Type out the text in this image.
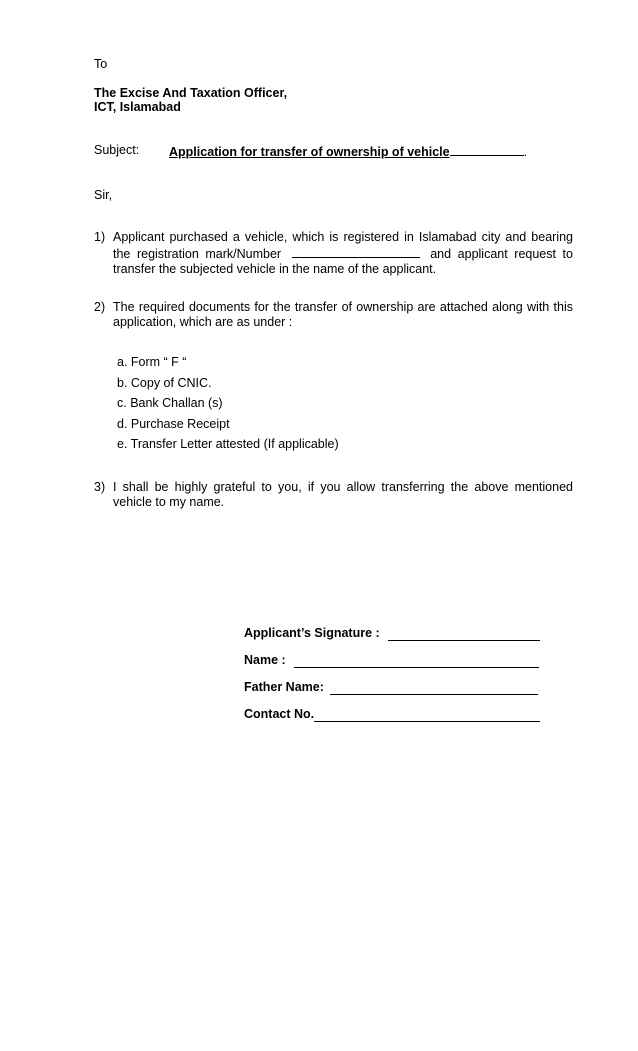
To
The Excise And Taxation Officer,
ICT, Islamabad
Subject: Application for transfer of ownership of vehicle	.
Sir,
1) Applicant purchased a vehicle, which is registered in Islamabad city and bearing the registration mark/Number	and applicant request to transfer the subjected vehicle in the name of the applicant.
2) The required documents for the transfer of ownership are attached along with this application, which are as under :
a. Form “ F “
b. Copy of CNIC.
c. Bank Challan (s)
d. Purchase Receipt
e. Transfer Letter attested (If applicable)
3) I shall be highly grateful to you, if you allow transferring the above mentioned vehicle to my name.
Applicant’s Signature :
Name :
Father Name:
Contact No.
